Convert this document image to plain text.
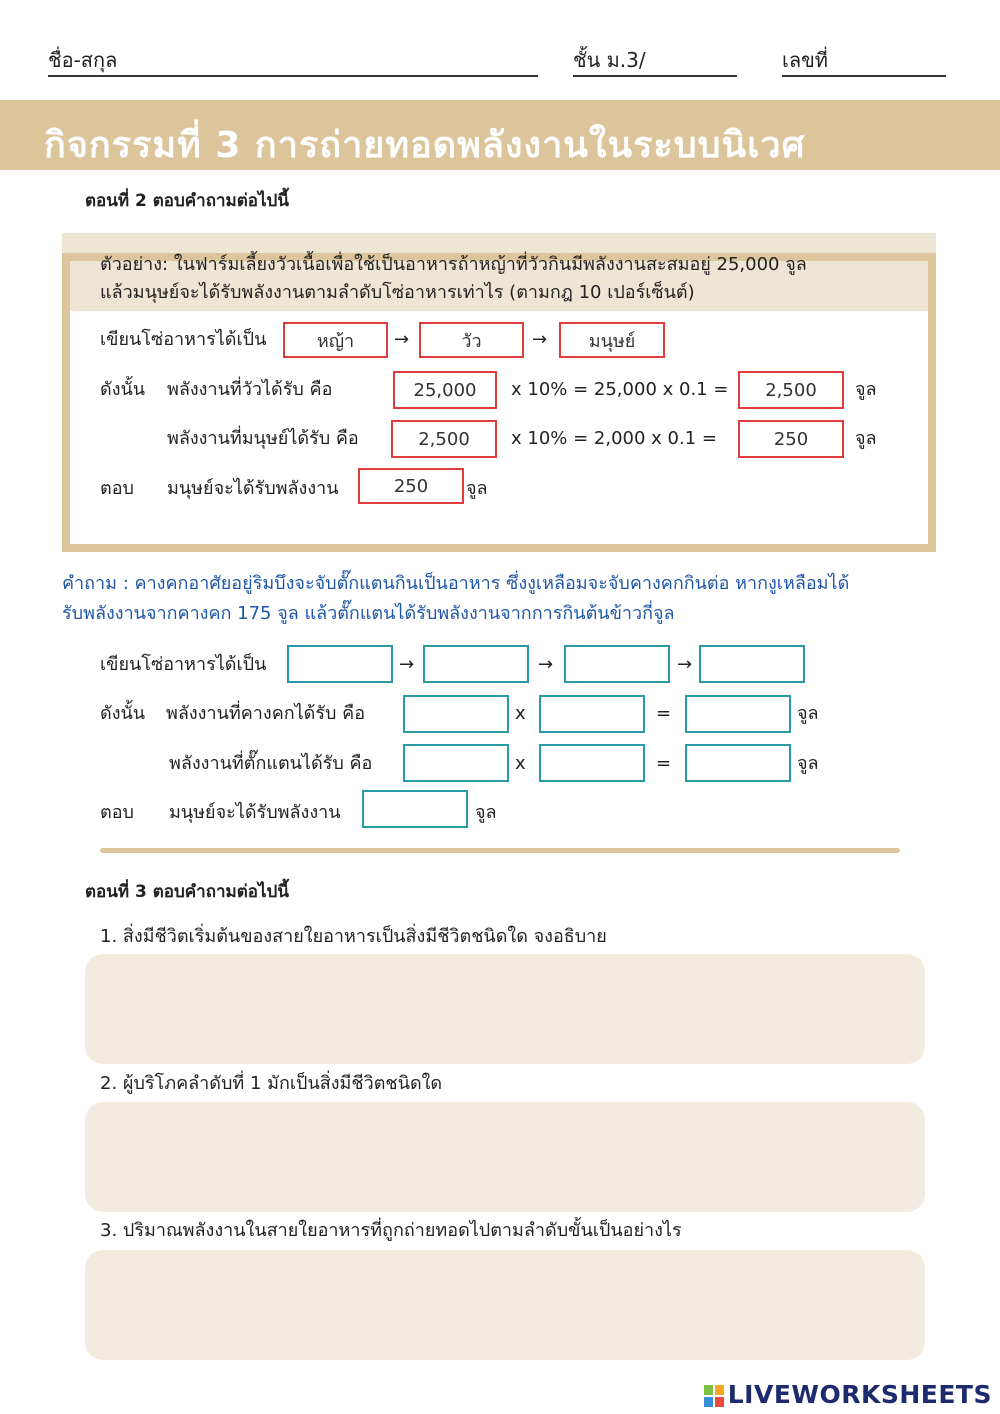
ชื่อ-สกุล	ชั้น ม.3/	เลขที่
กิจกรรมที่ 3 การถ่ายทอดพลังงานในระบบนิเวศ
ตอนที่ 2 ตอบคำถามต่อไปนี้
ตัวอย่าง: ในฟาร์มเลี้ยงวัวเนื้อเพื่อใช้เป็นอาหารถ้าหญ้าที่วัวกินมีพลังงานสะสมอยู่ 25,000 จูล
แล้วมนุษย์จะได้รับพลังงานตามลำดับโซ่อาหารเท่าไร (ตามกฎ 10 เปอร์เซ็นต์)
เขียนโซ่อาหารได้เป็น	หญ้า	→	วัว	→	มนุษย์
ดังนั้น พลังงานที่วัวได้รับ คือ	25,000	x 10% = 25,000 x 0.1 =	2,500	จูล
พลังงานที่มนุษย์ได้รับ คือ	2,500	x 10% = 2,000 x 0.1 =	250	จูล
ตอบ มนุษย์จะได้รับพลังงาน	250	จูล
คำถาม : คางคกอาศัยอยู่ริมบึงจะจับตั๊กแตนกินเป็นอาหาร ซึ่งงูเหลือมจะจับคางคกกินต่อ หากงูเหลือมได้
รับพลังงานจากคางคก 175 จูล แล้วตั๊กแตนได้รับพลังงานจากการกินต้นข้าวกี่จูล
เขียนโซ่อาหารได้เป็น	→	→	→
ดังนั้น พลังงานที่คางคกได้รับ คือ	x	=	จูล
พลังงานที่ตั๊กแตนได้รับ คือ	x	=	จูล
ตอบ มนุษย์จะได้รับพลังงาน	จูล
ตอนที่ 3 ตอบคำถามต่อไปนี้
1. สิ่งมีชีวิตเริ่มต้นของสายใยอาหารเป็นสิ่งมีชีวิตชนิดใด จงอธิบาย
2. ผู้บริโภคลำดับที่ 1 มักเป็นสิ่งมีชีวิตชนิดใด
3. ปริมาณพลังงานในสายใยอาหารที่ถูกถ่ายทอดไปตามลำดับขั้นเป็นอย่างไร
LIVEWORKSHEETS
